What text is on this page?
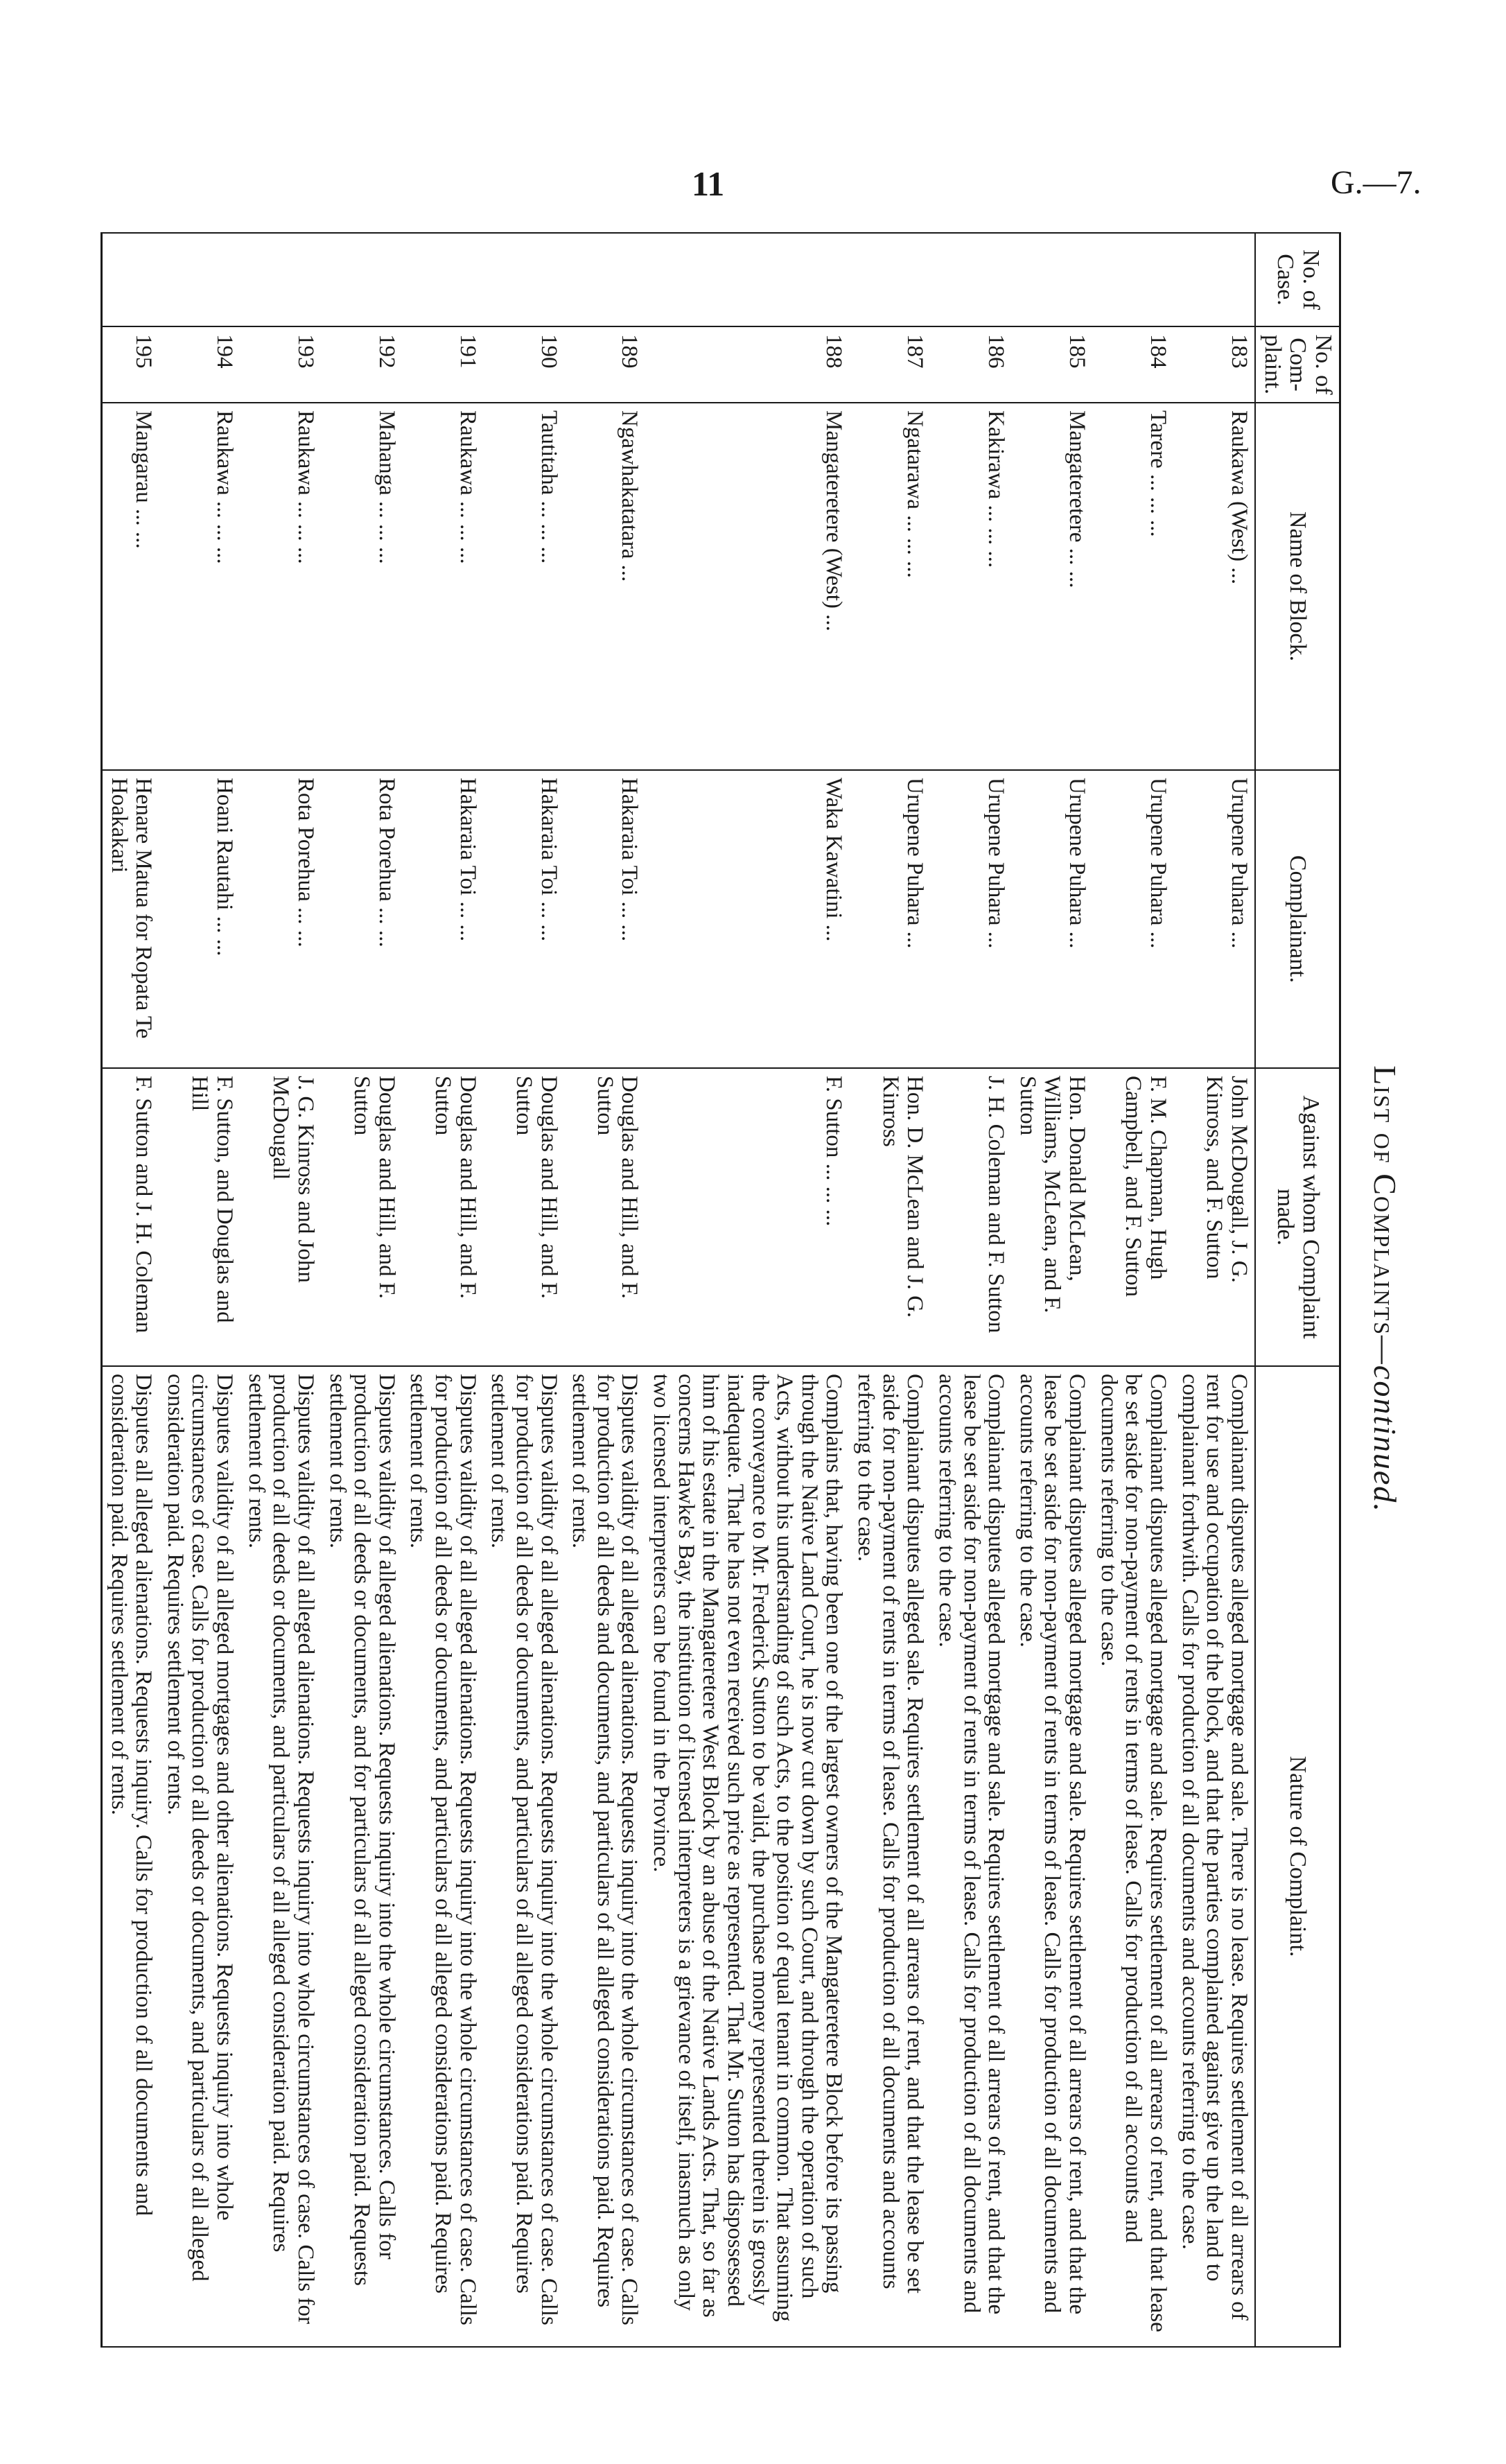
11	G.—7.
List of Complaints—continued.
No. of Case.	No. of Com-plaint.	Name of Block.	Complainant.	Against whom Complaint made.	Nature of Complaint.
	183	Raukawa (West) ...	Urupene Puhara ...	John McDougall, J. G. Kinross, and F. Sutton	Complainant disputes alleged mortgage and sale. There is no lease. Requires settlement of all arrears of rent for use and occupation of the block, and that the parties complained against give up the land to complainant forthwith. Calls for production of all documents and accounts referring to the case.
	184	Tarere ... ... ...	Urupene Puhara ...	F. M. Chapman, Hugh Campbell, and F. Sutton	Complainant disputes alleged mortgage and sale. Requires settlement of all arrears of rent, and that lease be set aside for non-payment of rents in terms of lease. Calls for production of all accounts and documents referring to the case.
	185	Mangateretere ... ...	Urupene Puhara ...	Hon. Donald McLean, Williams, McLean, and F. Sutton	Complainant disputes alleged mortgage and sale. Requires settlement of all arrears of rent, and that the lease be set aside for non-payment of rents in terms of lease. Calls for production of all documents and accounts referring to the case.
	186	Kakirawa ... ... ...	Urupene Puhara ...	J. H. Coleman and F. Sutton	Complainant disputes alleged mortgage and sale. Requires settlement of all arrears of rent, and that the lease be set aside for non-payment of rents in terms of lease. Calls for production of all documents and accounts referring to the case.
	187	Ngatarawa ... ... ...	Urupene Puhara ...	Hon. D. McLean and J. G. Kinross	Complainant disputes alleged sale. Requires settlement of all arrears of rent, and that the lease be set aside for non-payment of rents in terms of lease. Calls for production of all documents and accounts referring to the case.
	188	Mangateretere (West) ...	Waka Kawatini ...	F. Sutton ... ... ...	Complains that, having been one of the largest owners of the Mangateretere Block before its passing through the Native Land Court, he is now cut down by such Court, and through the operation of such Acts, without his understanding of such Acts, to the position of equal tenant in common. That assuming the conveyance to Mr. Frederick Sutton to be valid, the purchase money represented therein is grossly inadequate. That he has not even received such price as represented. That Mr. Sutton has dispossessed him of his estate in the Mangateretere West Block by an abuse of the Native Lands Acts. That, so far as concerns Hawke's Bay, the institution of licensed interpreters is a grievance of itself, inasmuch as only two licensed interpreters can be found in the Province.
	189	Ngawhakatatara ...	Hakaraia Toi ... ...	Douglas and Hill, and F. Sutton	Disputes validity of all alleged alienations. Requests inquiry into the whole circumstances of case. Calls for production of all deeds and documents, and particulars of all alleged considerations paid. Requires settlement of rents.
	190	Tautitaha ... ... ...	Hakaraia Toi ... ...	Douglas and Hill, and F. Sutton	Disputes validity of all alleged alienations. Requests inquiry into the whole circumstances of case. Calls for production of all deeds or documents, and particulars of all alleged considerations paid. Requires settlement of rents.
	191	Raukawa ... ... ...	Hakaraia Toi ... ...	Douglas and Hill, and F. Sutton	Disputes validity of all alleged alienations. Requests inquiry into the whole circumstances of case. Calls for production of all deeds or documents, and particulars of all alleged considerations paid. Requires settlement of rents.
	192	Mahanga ... ... ...	Rota Porehua ... ...	Douglas and Hill, and F. Sutton	Disputes validity of alleged alienations. Requests inquiry into the whole circumstances. Calls for production of all deeds or documents, and for particulars of all alleged consideration paid. Requests settlement of rents.
	193	Raukawa ... ... ...	Rota Porehua ... ...	J. G. Kinross and John McDougall	Disputes validity of all alleged alienations. Requests inquiry into whole circumstances of case. Calls for production of all deeds or documents, and particulars of all alleged consideration paid. Requires settlement of rents.
	194	Raukawa ... ... ...	Hoani Rautahi ... ...	F. Sutton, and Douglas and Hill	Disputes validity of all alleged mortgages and other alienations. Requests inquiry into whole circumstances of case. Calls for production of all deeds or documents, and particulars of all alleged consideration paid. Requires settlement of rents.
	195	Mangarau ... ...	Henare Matua for Ropata Te Hoakakari	F. Sutton and J. H. Coleman	Disputes all alleged alienations. Requests inquiry. Calls for production of all documents and consideration paid. Requires settlement of rents.
